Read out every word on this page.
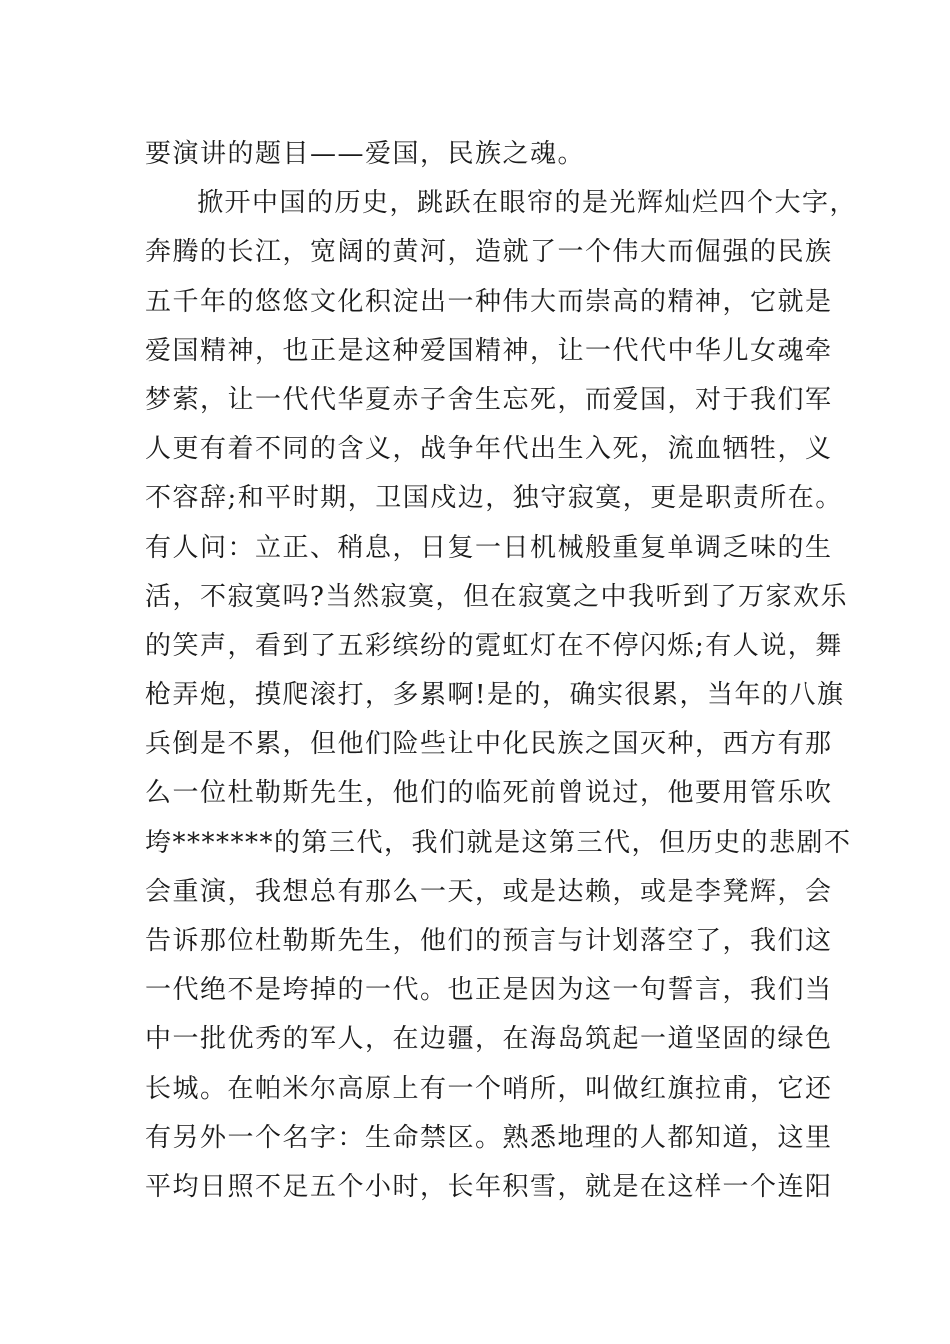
要演讲的题目——爱国，民族之魂。
掀开中国的历史，跳跃在眼帘的是光辉灿烂四个大字，
奔腾的长江，宽阔的黄河，造就了一个伟大而倔强的民族
五千年的悠悠文化积淀出一种伟大而崇高的精神，它就是
爱国精神，也正是这种爱国精神，让一代代中华儿女魂牵
梦萦，让一代代华夏赤子舍生忘死，而爱国，对于我们军
人更有着不同的含义，战争年代出生入死，流血牺牲，义
不容辞;和平时期，卫国戍边，独守寂寞，更是职责所在。
有人问：立正、稍息，日复一日机械般重复单调乏味的生
活，不寂寞吗?当然寂寞，但在寂寞之中我听到了万家欢乐
的笑声，看到了五彩缤纷的霓虹灯在不停闪烁;有人说，舞
枪弄炮，摸爬滚打，多累啊!是的，确实很累，当年的八旗
兵倒是不累，但他们险些让中化民族之国灭种，西方有那
么一位杜勒斯先生，他们的临死前曾说过，他要用管乐吹
垮*******的第三代，我们就是这第三代，但历史的悲剧不
会重演，我想总有那么一天，或是达赖，或是李凳辉，会
告诉那位杜勒斯先生，他们的预言与计划落空了，我们这
一代绝不是垮掉的一代。也正是因为这一句誓言，我们当
中一批优秀的军人，在边疆，在海岛筑起一道坚固的绿色
长城。在帕米尔高原上有一个哨所，叫做红旗拉甫，它还
有另外一个名字：生命禁区。熟悉地理的人都知道，这里
平均日照不足五个小时，长年积雪，就是在这样一个连阳
